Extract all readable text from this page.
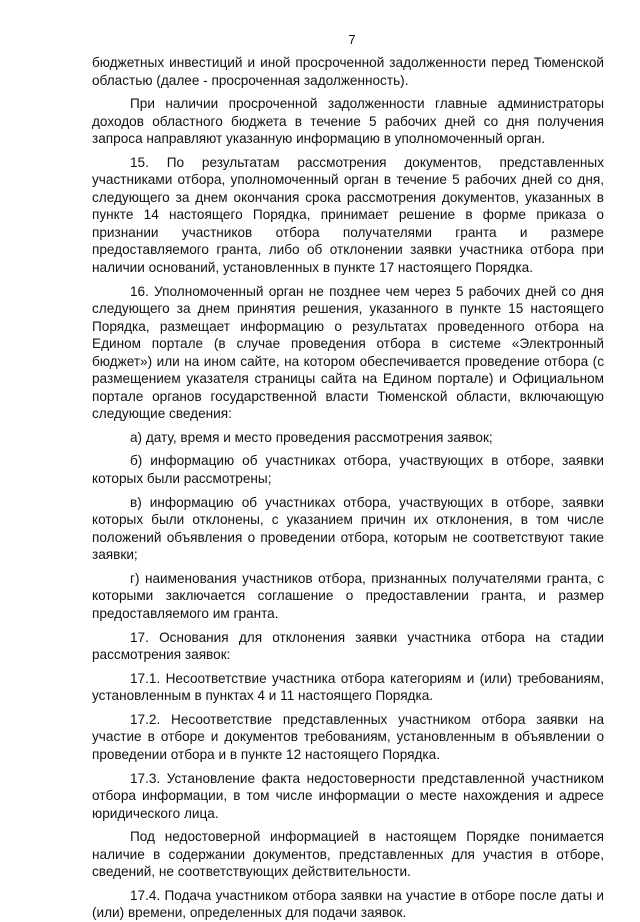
7

бюджетных инвестиций и иной просроченной задолженности перед Тюменской областью (далее - просроченная задолженность).

При наличии просроченной задолженности главные администраторы доходов областного бюджета в течение 5 рабочих дней со дня получения запроса направляют указанную информацию в уполномоченный орган.

15. По результатам рассмотрения документов, представленных участниками отбора, уполномоченный орган в течение 5 рабочих дней со дня, следующего за днем окончания срока рассмотрения документов, указанных в пункте 14 настоящего Порядка, принимает решение в форме приказа о признании участников отбора получателями гранта и размере предоставляемого гранта, либо об отклонении заявки участника отбора при наличии оснований, установленных в пункте 17 настоящего Порядка.

16. Уполномоченный орган не позднее чем через 5 рабочих дней со дня следующего за днем принятия решения, указанного в пункте 15 настоящего Порядка, размещает информацию о результатах проведенного отбора на Едином портале (в случае проведения отбора в системе «Электронный бюджет») или на ином сайте, на котором обеспечивается проведение отбора (с размещением указателя страницы сайта на Едином портале) и Официальном портале органов государственной власти Тюменской области, включающую следующие сведения:

а) дату, время и место проведения рассмотрения заявок;

б) информацию об участниках отбора, участвующих в отборе, заявки которых были рассмотрены;

в) информацию об участниках отбора, участвующих в отборе, заявки которых были отклонены, с указанием причин их отклонения, в том числе положений объявления о проведении отбора, которым не соответствуют такие заявки;

г) наименования участников отбора, признанных получателями гранта, с которыми заключается соглашение о предоставлении гранта, и размер предоставляемого им гранта.

17. Основания для отклонения заявки участника отбора на стадии рассмотрения заявок:

17.1. Несоответствие участника отбора категориям и (или) требованиям, установленным в пунктах 4 и 11 настоящего Порядка.

17.2. Несоответствие представленных участником отбора заявки на участие в отборе и документов требованиям, установленным в объявлении о проведении отбора и в пункте 12 настоящего Порядка.

17.3. Установление факта недостоверности представленной участником отбора информации, в том числе информации о месте нахождения и адресе юридического лица.

Под недостоверной информацией в настоящем Порядке понимается наличие в содержании документов, представленных для участия в отборе, сведений, не соответствующих действительности.

17.4. Подача участником отбора заявки на участие в отборе после даты и (или) времени, определенных для подачи заявок.
